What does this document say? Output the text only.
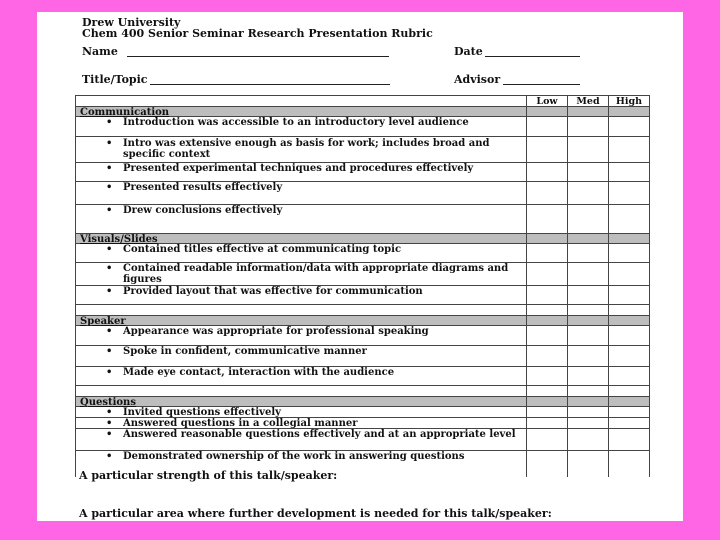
Drew University
Chem 400 Senior Seminar Research Presentation Rubric
Name	Date
Title/Topic	Advisor
Low	Med	High
Communication
• Introduction was accessible to an introductory level audience
• Intro was extensive enough as basis for work; includes broad and specific context
• Presented experimental techniques and procedures effectively
• Presented results effectively
• Drew conclusions effectively
Visuals/Slides
• Contained titles effective at communicating topic
• Contained readable information/data with appropriate diagrams and figures
• Provided layout that was effective for communication
Speaker
• Appearance was appropriate for professional speaking
• Spoke in confident, communicative manner
• Made eye contact, interaction with the audience
Questions
• Invited questions effectively
• Answered questions in a collegial manner
• Answered reasonable questions effectively and at an appropriate level
• Demonstrated ownership of the work in answering questions
A particular strength of this talk/speaker:
A particular area where further development is needed for this talk/speaker:
